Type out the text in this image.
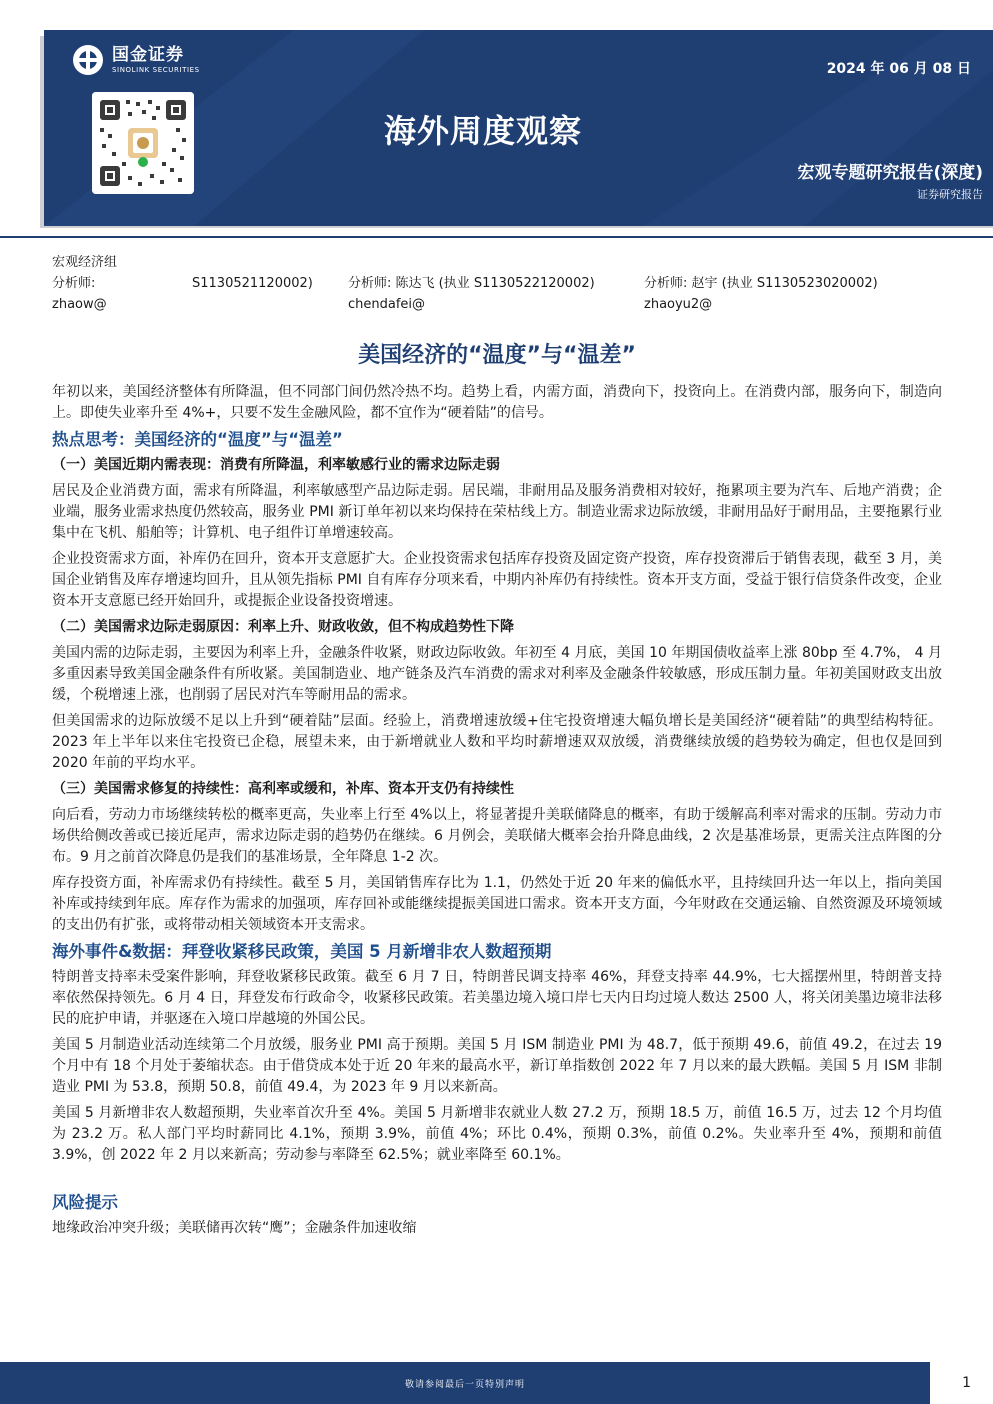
国金证券
SINOLINK SECURITIES	2024 年 06 月 08 日
海外周度观察
宏观专题研究报告(深度)
证券研究报告
宏观经济组
分析师:	S1130521120002)	分析师: 陈达飞 (执业 S1130522120002)	分析师: 赵宇 (执业 S1130523020002)
zhaow@	chendafei@	zhaoyu2@
美国经济的“温度”与“温差”

年初以来，美国经济整体有所降温，但不同部门间仍然冷热不均。趋势上看，内需方面，消费向下，投资向上。在消费内部，服务向下，制造向上。即使失业率升至 4%+，只要不发生金融风险，都不宜作为“硬着陆”的信号。

热点思考：美国经济的“温度”与“温差”
（一）美国近期内需表现：消费有所降温，利率敏感行业的需求边际走弱

居民及企业消费方面，需求有所降温，利率敏感型产品边际走弱。居民端，非耐用品及服务消费相对较好，拖累项主要为汽车、后地产消费；企业端，服务业需求热度仍然较高，服务业 PMI 新订单年初以来均保持在荣枯线上方。制造业需求边际放缓，非耐用品好于耐用品，主要拖累行业集中在飞机、船舶等；计算机、电子组件订单增速较高。

企业投资需求方面，补库仍在回升，资本开支意愿扩大。企业投资需求包括库存投资及固定资产投资，库存投资滞后于销售表现，截至 3 月，美国企业销售及库存增速均回升，且从领先指标 PMI 自有库存分项来看，中期内补库仍有持续性。资本开支方面，受益于银行信贷条件改变，企业资本开支意愿已经开始回升，或提振企业设备投资增速。

（二）美国需求边际走弱原因：利率上升、财政收敛，但不构成趋势性下降

美国内需的边际走弱，主要因为利率上升，金融条件收紧，财政边际收敛。年初至 4 月底，美国 10 年期国债收益率上涨 80bp 至 4.7%， 4 月多重因素导致美国金融条件有所收紧。美国制造业、地产链条及汽车消费的需求对利率及金融条件较敏感，形成压制力量。年初美国财政支出放缓，个税增速上涨，也削弱了居民对汽车等耐用品的需求。

但美国需求的边际放缓不足以上升到“硬着陆”层面。经验上，消费增速放缓+住宅投资增速大幅负增长是美国经济“硬着陆”的典型结构特征。2023 年上半年以来住宅投资已企稳，展望未来，由于新增就业人数和平均时薪增速双双放缓，消费继续放缓的趋势较为确定，但也仅是回到 2020 年前的平均水平。

（三）美国需求修复的持续性：高利率或缓和，补库、资本开支仍有持续性

向后看，劳动力市场继续转松的概率更高，失业率上行至 4%以上，将显著提升美联储降息的概率，有助于缓解高利率对需求的压制。劳动力市场供给侧改善或已接近尾声，需求边际走弱的趋势仍在继续。6 月例会，美联储大概率会抬升降息曲线，2 次是基准场景，更需关注点阵图的分布。9 月之前首次降息仍是我们的基准场景，全年降息 1-2 次。

库存投资方面，补库需求仍有持续性。截至 5 月，美国销售库存比为 1.1，仍然处于近 20 年来的偏低水平，且持续回升达一年以上，指向美国补库或持续到年底。库存作为需求的加强项，库存回补或能继续提振美国进口需求。资本开支方面，今年财政在交通运输、自然资源及环境领域的支出仍有扩张，或将带动相关领域资本开支需求。

海外事件&数据：拜登收紧移民政策，美国 5 月新增非农人数超预期

特朗普支持率未受案件影响，拜登收紧移民政策。截至 6 月 7 日，特朗普民调支持率 46%，拜登支持率 44.9%，七大摇摆州里，特朗普支持率依然保持领先。6 月 4 日，拜登发布行政命令，收紧移民政策。若美墨边境入境口岸七天内日均过境人数达 2500 人，将关闭美墨边境非法移民的庇护申请，并驱逐在入境口岸越境的外国公民。

美国 5 月制造业活动连续第二个月放缓，服务业 PMI 高于预期。美国 5 月 ISM 制造业 PMI 为 48.7，低于预期 49.6，前值 49.2，在过去 19 个月中有 18 个月处于萎缩状态。由于借贷成本处于近 20 年来的最高水平，新订单指数创 2022 年 7 月以来的最大跌幅。美国 5 月 ISM 非制造业 PMI 为 53.8，预期 50.8，前值 49.4，为 2023 年 9 月以来新高。

美国 5 月新增非农人数超预期，失业率首次升至 4%。美国 5 月新增非农就业人数 27.2 万，预期 18.5 万，前值 16.5 万，过去 12 个月均值为 23.2 万。私人部门平均时薪同比 4.1%，预期 3.9%，前值 4%；环比 0.4%，预期 0.3%，前值 0.2%。失业率升至 4%，预期和前值 3.9%，创 2022 年 2 月以来新高；劳动参与率降至 62.5%；就业率降至 60.1%。

风险提示

地缘政治冲突升级；美联储再次转“鹰”；金融条件加速收缩

敬请参阅最后一页特别声明	1
